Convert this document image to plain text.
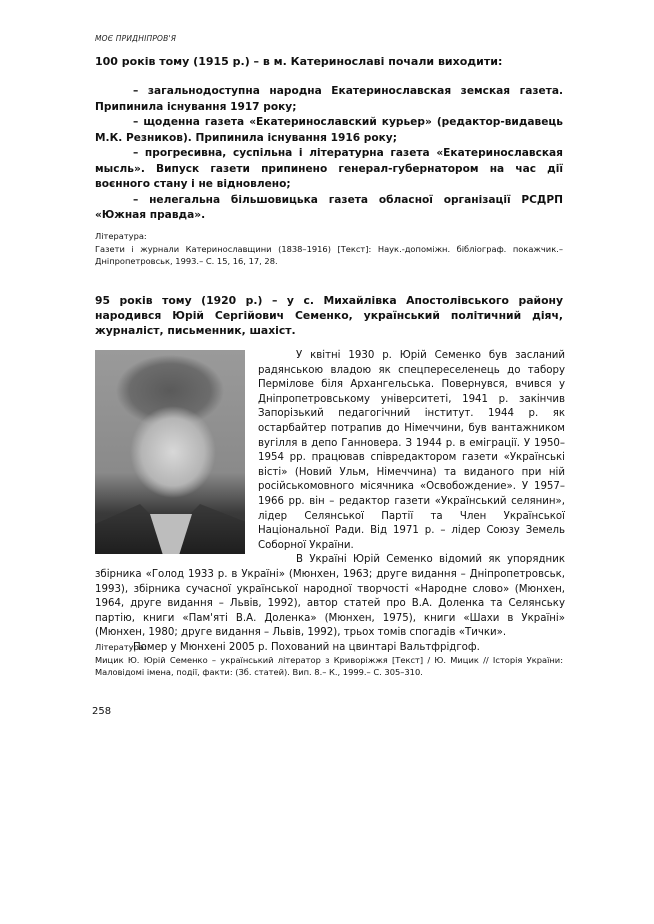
МОЄ ПРИДНІПРОВ'Я
100 років тому (1915 р.) – в м. Катеринославі почали виходити:

– загальнодоступна народна Екатеринославская земская газета. Припинила існування 1917 року;

– щоденна газета «Екатеринославский курьер» (редактор-видавець М.К. Резников). Припинила існування 1916 року;

– прогресивна, суспільна і літературна газета «Екатеринославская мысль». Випуск газети припинено генерал-губернатором на час дії воєнного стану і не відновлено;

– нелегальна більшовицька газета обласної організації РСДРП «Южная правда».

Література:

Газети і журнали Катеринославщини (1838–1916) [Текст]: Наук.-допоміжн. бібліограф. покажчик.– Дніпропетровськ, 1993.– С. 15, 16, 17, 28.

95 років тому (1920 р.) – у с. Михайлівка Апостолівського району народився Юрій Сергійович Семенко, український політичний діяч, журналіст, письменник, шахіст.

У квітні 1930 р. Юрій Семенко був засланий радянською владою як спецпереселенець до табору Пермілове біля Архангельська. Повернувся, вчився у Дніпропетровському університеті, 1941 р. закінчив Запорізький педагогічний інститут. 1944 р. як остарбайтер потрапив до Німеччини, був вантажником вугілля в депо Ганновера. З 1944 р. в еміграції. У 1950–1954 рр. працював співредактором газети «Українські вісті» (Новий Ульм, Німеччина) та виданого при ній російськомовного місячника «Освобождение». У 1957–1966 рр. він – редактор газети «Український селянин», лідер Селянської Партії та Член Української Національної Ради. Від 1971 р. – лідер Союзу Земель Соборної України.

В Україні Юрій Семенко відомий як упорядник збірника «Голод 1933 р. в Україні» (Мюнхен, 1963; друге видання – Дніпропетровськ, 1993), збірника сучасної української народної творчості «Народне слово» (Мюнхен, 1964, друге видання – Львів, 1992), автор статей про В.А. Доленка та Селянську партію, книги «Пам'яті В.А. Доленка» (Мюнхен, 1975), книги «Шахи в Україні» (Мюнхен, 1980; друге видання – Львів, 1992), трьох томів спогадів «Тички».

Помер у Мюнхені 2005 р. Похований на цвинтарі Вальтфрідгоф.

Література:

Мицик Ю. Юрій Семенко – український літератор з Криворіжжя [Текст] / Ю. Мицик // Історія України: Маловідомі імена, події, факти: (Зб. статей). Вип. 8.– К., 1999.– С. 305–310.

258
